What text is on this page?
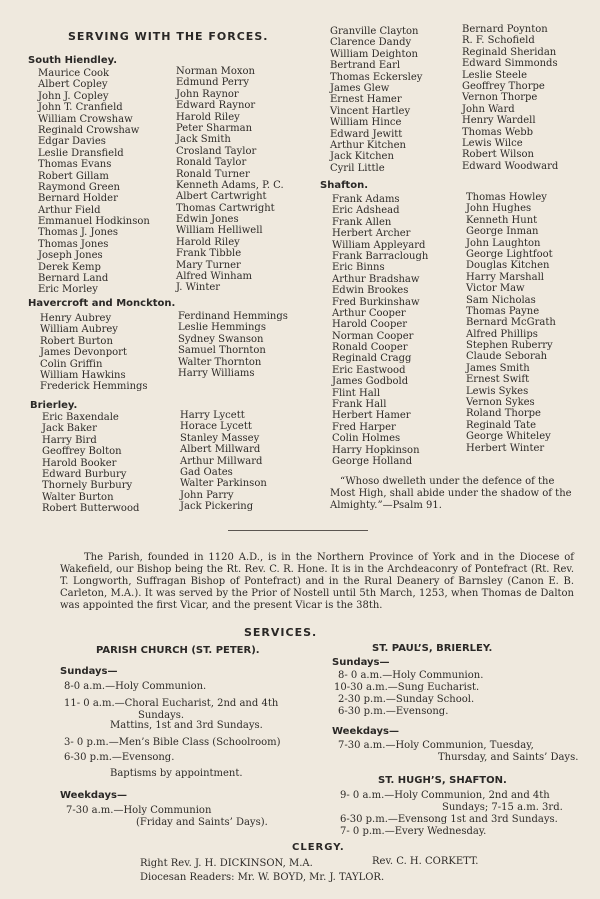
SERVING WITH THE FORCES.
South Hiendley.
Maurice Cook
Albert Copley
John J. Copley
John T. Cranfield
William Crowshaw
Reginald Crowshaw
Edgar Davies
Leslie Dransfield
Thomas Evans
Robert Gillam
Raymond Green
Bernard Holder
Arthur Field
Emmanuel Hodkinson
Thomas J. Jones
Thomas Jones
Joseph Jones
Derek Kemp
Bernard Land
Eric Morley
Norman Moxon
Edmund Perry
John Raynor
Edward Raynor
Harold Riley
Peter Sharman
Jack Smith
Crosland Taylor
Ronald Taylor
Ronald Turner
Kenneth Adams, P. C.
Albert Cartwright
Thomas Cartwright
Edwin Jones
William Helliwell
Harold Riley
Frank Tibble
Mary Turner
Alfred Winham
J. Winter
Havercroft and Monckton.
Henry Aubrey
William Aubrey
Robert Burton
James Devonport
Colin Griffin
William Hawkins
Frederick Hemmings
Ferdinand Hemmings
Leslie Hemmings
Sydney Swanson
Samuel Thornton
Walter Thornton
Harry Williams
Brierley.
Eric Baxendale
Jack Baker
Harry Bird
Geoffrey Bolton
Harold Booker
Edward Burbury
Thornely Burbury
Walter Burton
Robert Butterwood
Harry Lycett
Horace Lycett
Stanley Massey
Albert Millward
Arthur Millward
Gad Oates
Walter Parkinson
John Parry
Jack Pickering
Granville Clayton
Clarence Dandy
William Deighton
Bertrand Earl
Thomas Eckersley
James Glew
Ernest Hamer
Vincent Hartley
William Hince
Edward Jewitt
Arthur Kitchen
Jack Kitchen
Cyril Little
Bernard Poynton
R. F. Schofield
Reginald Sheridan
Edward Simmonds
Leslie Steele
Geoffrey Thorpe
Vernon Thorpe
John Ward
Henry Wardell
Thomas Webb
Lewis Wilce
Robert Wilson
Edward Woodward
Shafton.
Frank Adams
Eric Adshead
Frank Allen
Herbert Archer
William Appleyard
Frank Barraclough
Eric Binns
Arthur Bradshaw
Edwin Brookes
Fred Burkinshaw
Arthur Cooper
Harold Cooper
Norman Cooper
Ronald Cooper
Reginald Cragg
Eric Eastwood
James Godbold
Flint Hall
Frank Hall
Herbert Hamer
Fred Harper
Colin Holmes
Harry Hopkinson
George Holland
Thomas Howley
John Hughes
Kenneth Hunt
George Inman
John Laughton
George Lightfoot
Douglas Kitchen
Harry Marshall
Victor Maw
Sam Nicholas
Thomas Payne
Bernard McGrath
Alfred Phillips
Stephen Ruberry
Claude Seborah
James Smith
Ernest Swift
Lewis Sykes
Vernon Sykes
Roland Thorpe
Reginald Tate
George Whiteley
Herbert Winter
“Whoso dwelleth under the defence of the
Most High, shall abide under the shadow of the
Almighty.”—Psalm 91.
The Parish, founded in 1120 A.D., is in the Northern Province of York and in the Diocese of Wakefield, our Bishop being the Rt. Rev. C. R. Hone. It is in the Archdeaconry of Pontefract (Rt. Rev. T. Longworth, Suffragan Bishop of Pontefract) and in the Rural Deanery of Barnsley (Canon E. B. Carleton, M.A.). It was served by the Prior of Nostell until 5th March, 1253, when Thomas de Dalton was appointed the first Vicar, and the present Vicar is the 38th.
SERVICES.
PARISH CHURCH (ST. PETER).
Sundays—
8-0 a.m.—Holy Communion.
11- 0 a.m.—Choral Eucharist, 2nd and 4th
Sundays.
Mattins, 1st and 3rd Sundays.
3- 0 p.m.—Men’s Bible Class (Schoolroom)
6-30 p.m.—Evensong.
Baptisms by appointment.
Weekdays—
7-30 a.m.—Holy Communion
(Friday and Saints’ Days).
ST. PAUL’S, BRIERLEY.
Sundays—
8- 0 a.m.—Holy Communion.
10-30 a.m.—Sung Eucharist.
2-30 p.m.—Sunday School.
6-30 p.m.—Evensong.
Weekdays—
7-30 a.m.—Holy Communion, Tuesday,
Thursday, and Saints’ Days.
ST. HUGH’S, SHAFTON.
9- 0 a.m.—Holy Communion, 2nd and 4th
Sundays; 7-15 a.m. 3rd.
6-30 p.m.—Evensong 1st and 3rd Sundays.
7- 0 p.m.—Every Wednesday.
CLERGY.
Right Rev. J. H. DICKINSON, M.A.	Rev. C. H. CORKETT.
Diocesan Readers: Mr. W. BOYD, Mr. J. TAYLOR.
